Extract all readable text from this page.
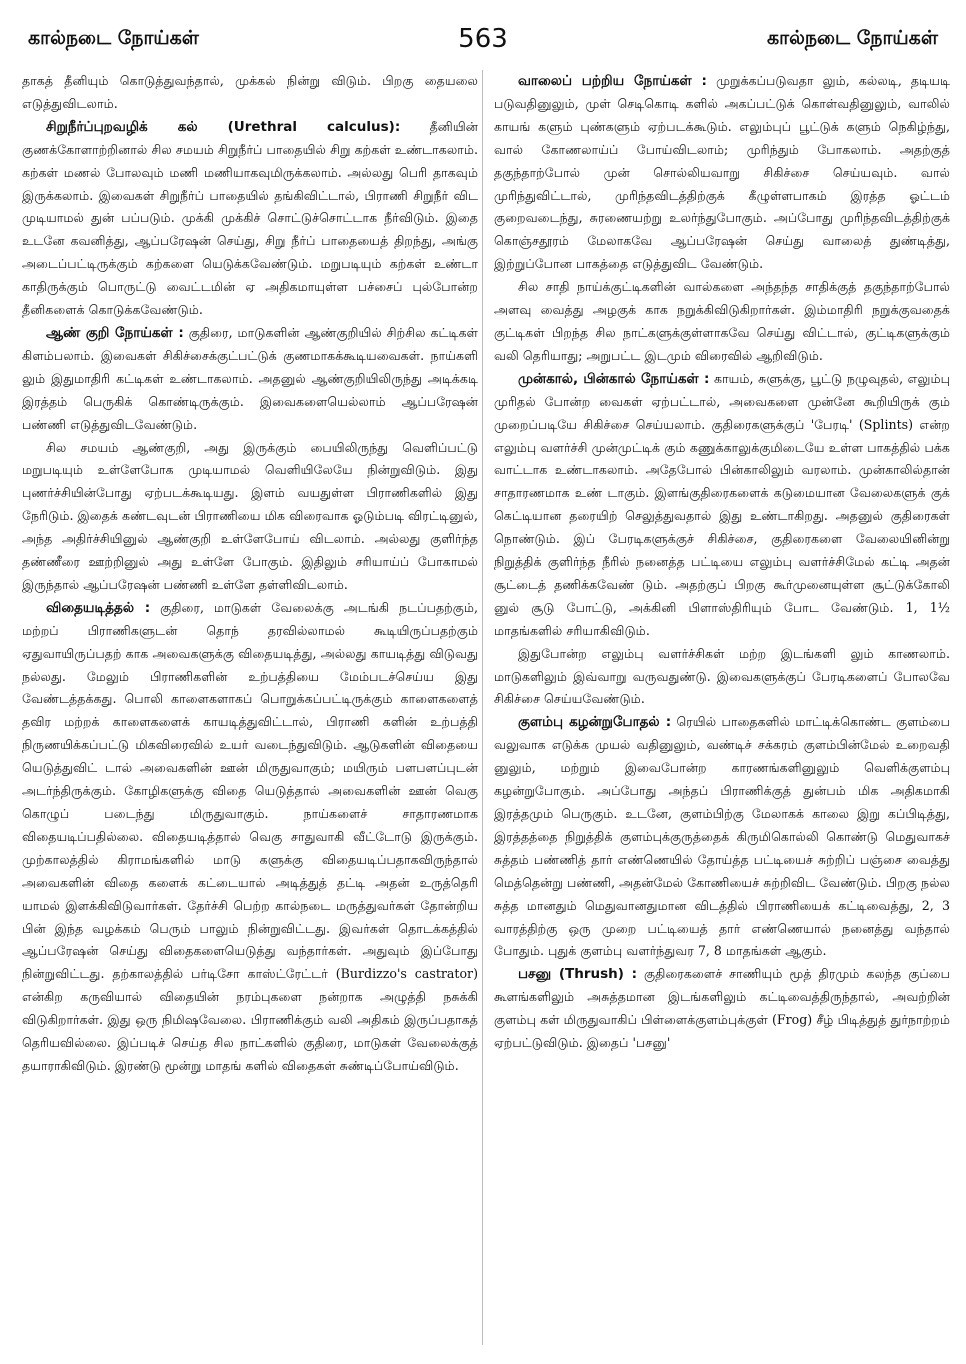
கால்நடை நோய்கள்	563	கால்நடை நோய்கள்

தாகத் தீனியும் கொடுத்துவந்தால், முக்கல் நின்று விடும். பிறகு தையலை எடுத்துவிடலாம்.

சிறுநீர்ப்புறவழிக் கல் (Urethral calculus): தீனியின் குணக்கோளாற்றினால் சில சமயம் சிறுநீர்ப் பாதையில் சிறு கற்கள் உண்டாகலாம். கற்கள் மணல் போலவும் மணி மணியாகவுமிருக்கலாம். அல்லது பெரி தாகவும் இருக்கலாம். இவைகள் சிறுநீர்ப் பாதையில் தங்கிவிட்டால், பிராணி சிறுநீர் விட முடியாமல் துன் பப்படும். முக்கி முக்கிச் சொட்டுச்சொட்டாக நீர்விடும். இதை உடனே கவனித்து, ஆப்பரேஷன் செய்து, சிறு நீர்ப் பாதையைத் திறந்து, அங்கு அடைப்பட்டிருக்கும் கற்களை யெடுக்கவேண்டும். மறுபடியும் கற்கள் உண்டா காதிருக்கும் பொருட்டு வைட்டமின் ஏ அதிகமாயுள்ள பச்சைப் புல்போன்ற தீனிகளைக் கொடுக்கவேண்டும்.

ஆண் குறி நோய்கள் : குதிரை, மாடுகளின் ஆண்குறியில் சிற்சில கட்டிகள் கிளம்பலாம். இவைகள் சிகிச்சைக்குட்பட்டுக் குணமாகக்கூடியவைகள். நாய்களி லும் இதுமாதிரி கட்டிகள் உண்டாகலாம். அதனுல் ஆண்குறியிலிருந்து அடிக்கடி இரத்தம் பெருகிக் கொண்டிருக்கும். இவைகளையெல்லாம் ஆப்பரேஷன் பண்ணி எடுத்துவிடவேண்டும்.

சில சமயம் ஆண்குறி, அது இருக்கும் பையிலிருந்து வெளிப்பட்டு மறுபடியும் உள்ளேபோக முடியாமல் வெளியிலேயே நின்றுவிடும். இது புணர்ச்சியின்போது ஏற்படக்கூடியது. இளம் வயதுள்ள பிராணிகளில் இது நேரிடும். இதைக் கண்டவுடன் பிராணியை மிக விரைவாக ஓடும்படி விரட்டினுல், அந்த அதிர்ச்சியினுல் ஆண்குறி உள்ளேபோய் விடலாம். அல்லது குளிர்ந்த தண்ணீரை ஊற்றினுல் அது உள்ளே போகும். இதிலும் சரியாய்ப் போகாமல் இருந்தால் ஆப்பரேஷன் பண்ணி உள்ளே தள்ளிவிடலாம்.

விதையடித்தல் : குதிரை, மாடுகள் வேலைக்கு அடங்கி நடப்பதற்கும், மற்றப் பிராணிகளுடன் தொந் தரவில்லாமல் கூடியிருப்பதற்கும் ஏதுவாயிருப்பதற் காக அவைகளுக்கு விதையடித்து, அல்லது காயடித்து விடுவது நல்லது. மேலும் பிராணிகளின் உற்பத்தியை மேம்படச்செய்ய இது வேண்டத்தக்கது. பொலி காளைகளாகப் பொறுக்கப்பட்டிருக்கும் காளைகளைத் தவிர மற்றக் காளைகளைக் காயடித்துவிட்டால், பிராணி களின் உற்பத்தி நிருணயிக்கப்பட்டு மிகவிரைவில் உயர் வடைந்துவிடும். ஆடுகளின் விதையை யெடுத்துவிட் டால் அவைகளின் ஊன் மிருதுவாகும்; மயிரும் பளபளப்புடன் அடர்ந்திருக்கும். கோழிகளுக்கு விதை யெடுத்தால் அவைகளின் ஊன் வெகு கொழுப் படைந்து மிருதுவாகும். நாய்களைச் சாதாரணமாக விதையடிப்பதில்லை. விதையடித்தால் வெகு சாதுவாகி வீட்டோடு இருக்கும். முற்காலத்தில் கிராமங்களில் மாடு களுக்கு விதையடிப்பதாகவிருந்தால் அவைகளின் விதை களைக் கட்டையால் அடித்துத் தட்டி அதன் உருத்தெரி யாமல் இளக்கிவிடுவார்கள். தேர்ச்சி பெற்ற கால்நடை மருத்துவர்கள் தோன்றிய பின் இந்த வழக்கம் பெரும் பாலும் நின்றுவிட்டது. இவர்கள் தொடக்கத்தில் ஆப்பரேஷன் செய்து விதைகளையெடுத்து வந்தார்கள். அதுவும் இப்போது நின்றுவிட்டது. தற்காலத்தில் பர்டிசோ காஸ்ட்ரேட்டர் (Burdizzo's castrator) என்கிற கருவியால் விதையின் நரம்புகளை நன்றாக அழுத்தி நசுக்கி விடுகிறார்கள். இது ஒரு நிமிஷவேலை. பிராணிக்கும் வலி அதிகம் இருப்பதாகத் தெரியவில்லை. இப்படிச் செய்த சில நாட்களில் குதிரை, மாடுகள் வேலைக்குத் தயாராகிவிடும். இரண்டு மூன்று மாதங் களில் விதைகள் சுண்டிப்போய்விடும்.

வாலைப் பற்றிய நோய்கள் : முறுக்கப்படுவதா லும், கல்லடி, தடியடி படுவதினுலும், முள் செடிகொடி களில் அகப்பட்டுக் கொள்வதினுலும், வாலில் காயங் களும் புண்களும் ஏற்படக்கூடும். எலும்புப் பூட்டுக் களும் நெகிழ்ந்து, வால் கோணலாய்ப் போய்விடலாம்; முரிந்தும் போகலாம். அதற்குத் தகுந்தாற்போல் முன் சொல்லியவாறு சிகிச்சை செய்யவும். வால் முரிந்துவிட்டால், முரிந்தவிடத்திற்குக் கீழுள்ளபாகம் இரத்த ஓட்டம் குறைவடைந்து, சுரணையற்று உலர்ந்துபோகும். அப்போது முரிந்தவிடத்திற்குக் கொஞ்சதூரம் மேலாகவே ஆப்பரேஷன் செய்து வாலைத் துண்டித்து, இற்றுப்போன பாகத்தை எடுத்துவிட வேண்டும்.

சில சாதி நாய்க்குட்டிகளின் வால்களை அந்தந்த சாதிக்குத் தகுந்தாற்போல் அளவு வைத்து அழகுக் காக நறுக்கிவிடுகிறார்கள். இம்மாதிரி நறுக்குவதைக் குட்டிகள் பிறந்த சில நாட்களுக்குள்ளாகவே செய்து விட்டால், குட்டிகளுக்கும் வலி தெரியாது; அறுபட்ட இடமும் விரைவில் ஆறிவிடும்.

முன்கால், பின்கால் நோய்கள் : காயம், சுளுக்கு, பூட்டு நழுவுதல், எலும்பு முரிதல் போன்ற வைகள் ஏற்பட்டால், அவைகளை முன்னே கூறியிருக் கும் முறைப்படியே சிகிச்சை செய்யலாம். குதிரைகளுக்குப் 'பேரடி' (Splints) என்ற எலும்பு வளர்ச்சி முன்முட்டிக் கும் கணுக்காலுக்குமிடையே உள்ள பாகத்தில் பக்க வாட்டாக உண்டாகலாம். அதேபோல் பின்காலிலும் வரலாம். முன்காலில்தான் சாதாரணமாக உண் டாகும். இளங்குதிரைகளைக் கடுமையான வேலைகளுக் குக் கெட்டியான தரையிற் செலுத்துவதால் இது உண்டாகிறது. அதனுல் குதிரைகள் நொண்டும். இப் பேரடிகளுக்குச் சிகிச்சை, குதிரைகளை வேலையினின்று நிறுத்திக் குளிர்ந்த நீரில் நனைத்த பட்டியை எலும்பு வளர்ச்சிமேல் கட்டி அதன் சூட்டைத் தணிக்கவேண் டும். அதற்குப் பிறகு கூர்முனையுள்ள சூட்டுக்கோலி னுல் சூடு போட்டு, அக்கினி பிளாஸ்திரியும் போட வேண்டும். 1, 1½ மாதங்களில் சரியாகிவிடும்.

இதுபோன்ற எலும்பு வளர்ச்சிகள் மற்ற இடங்களி லும் காணலாம். மாடுகளிலும் இவ்வாறு வருவதுண்டு. இவைகளுக்குப் பேரடிகளைப் போலவே சிகிச்சை செய்யவேண்டும்.

குளம்பு கழன்றுபோதல் : ரெயில் பாதைகளில் மாட்டிக்கொண்ட குளம்பை வலுவாக எடுக்க முயல் வதினுலும், வண்டிச் சக்கரம் குளம்பின்மேல் உறைவதி னுலும், மற்றும் இவைபோன்ற காரணங்களினுலும் வெளிக்குளம்பு கழன்றுபோகும். அப்போது அந்தப் பிராணிக்குத் துன்பம் மிக அதிகமாகி இரத்தமும் பெருகும். உடனே, குளம்பிற்கு மேலாகக் காலை இறு கப்பிடித்து, இரத்தத்தை நிறுத்திக் குளம்புக்குருத்தைக் கிருமிகொல்லி கொண்டு மெதுவாகச் சுத்தம் பண்ணித் தார் எண்ணெயில் தோய்த்த பட்டியைச் சுற்றிப் பஞ்சை வைத்து மெத்தென்று பண்ணி, அதன்மேல் கோணியைச் சுற்றிவிட வேண்டும். பிறகு நல்ல சுத்த மானதும் மெதுவானதுமான விடத்தில் பிராணியைக் கட்டிவைத்து, 2, 3 வாரத்திற்கு ஒரு முறை பட்டியைத் தார் எண்ணெயால் நனைத்து வந்தால் போதும். புதுக் குளம்பு வளர்ந்துவர 7, 8 மாதங்கள் ஆகும்.

பசனு (Thrush) : குதிரைகளைச் சாணியும் மூத் திரமும் கலந்த குப்பை கூளங்களிலும் அசுத்தமான இடங்களிலும் கட்டிவைத்திருந்தால், அவற்றின் குளம்பு கள் மிருதுவாகிப் பிள்ளைக்குளம்புக்குள் (Frog) சீழ் பிடித்துத் துர்நாற்றம் ஏற்பட்டுவிடும். இதைப் 'பசனு'
